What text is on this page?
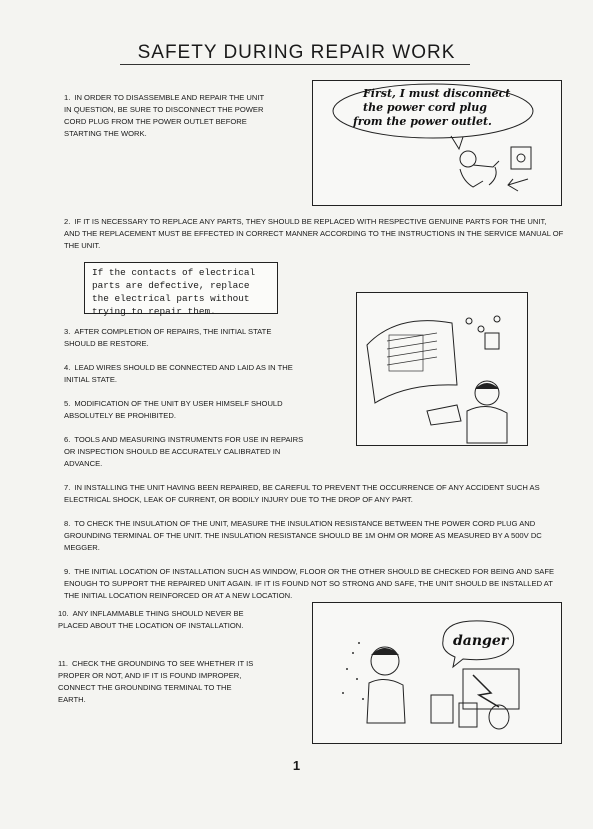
SAFETY DURING REPAIR WORK
1. IN ORDER TO DISASSEMBLE AND REPAIR THE UNIT IN QUESTION, BE SURE TO DISCONNECT THE POWER CORD PLUG FROM THE POWER OUTLET BEFORE STARTING THE WORK.
First, I must disconnect
the power cord plug
from the power outlet.
2. IF IT IS NECESSARY TO REPLACE ANY PARTS, THEY SHOULD BE REPLACED WITH RESPECTIVE GENUINE PARTS FOR THE UNIT, AND THE REPLACEMENT MUST BE EFFECTED IN CORRECT MANNER ACCORDING TO THE INSTRUCTIONS IN THE SERVICE MANUAL OF THE UNIT.
If the contacts of electrical
parts are defective, replace
the electrical parts without
trying to repair them.
3. AFTER COMPLETION OF REPAIRS, THE INITIAL STATE SHOULD BE RESTORE.
4. LEAD WIRES SHOULD BE CONNECTED AND LAID AS IN THE INITIAL STATE.
5. MODIFICATION OF THE UNIT BY USER HIMSELF SHOULD ABSOLUTELY BE PROHIBITED.
6. TOOLS AND MEASURING INSTRUMENTS FOR USE IN REPAIRS OR INSPECTION SHOULD BE ACCURATELY CALIBRATED IN ADVANCE.
7. IN INSTALLING THE UNIT HAVING BEEN REPAIRED, BE CAREFUL TO PREVENT THE OCCURRENCE OF ANY ACCIDENT SUCH AS ELECTRICAL SHOCK, LEAK OF CURRENT, OR BODILY INJURY DUE TO THE DROP OF ANY PART.
8. TO CHECK THE INSULATION OF THE UNIT, MEASURE THE INSULATION RESISTANCE BETWEEN THE POWER CORD PLUG AND GROUNDING TERMINAL OF THE UNIT. THE INSULATION RESISTANCE SHOULD BE 1M OHM OR MORE AS MEASURED BY A 500V DC MEGGER.
9. THE INITIAL LOCATION OF INSTALLATION SUCH AS WINDOW, FLOOR OR THE OTHER SHOULD BE CHECKED FOR BEING AND SAFE ENOUGH TO SUPPORT THE REPAIRED UNIT AGAIN. IF IT IS FOUND NOT SO STRONG AND SAFE, THE UNIT SHOULD BE INSTALLED AT THE INITIAL LOCATION REINFORCED OR AT A NEW LOCATION.
10. ANY INFLAMMABLE THING SHOULD NEVER BE PLACED ABOUT THE LOCATION OF INSTALLATION.
11. CHECK THE GROUNDING TO SEE WHETHER IT IS PROPER OR NOT, AND IF IT IS FOUND IMPROPER, CONNECT THE GROUNDING TERMINAL TO THE EARTH.
danger
1
